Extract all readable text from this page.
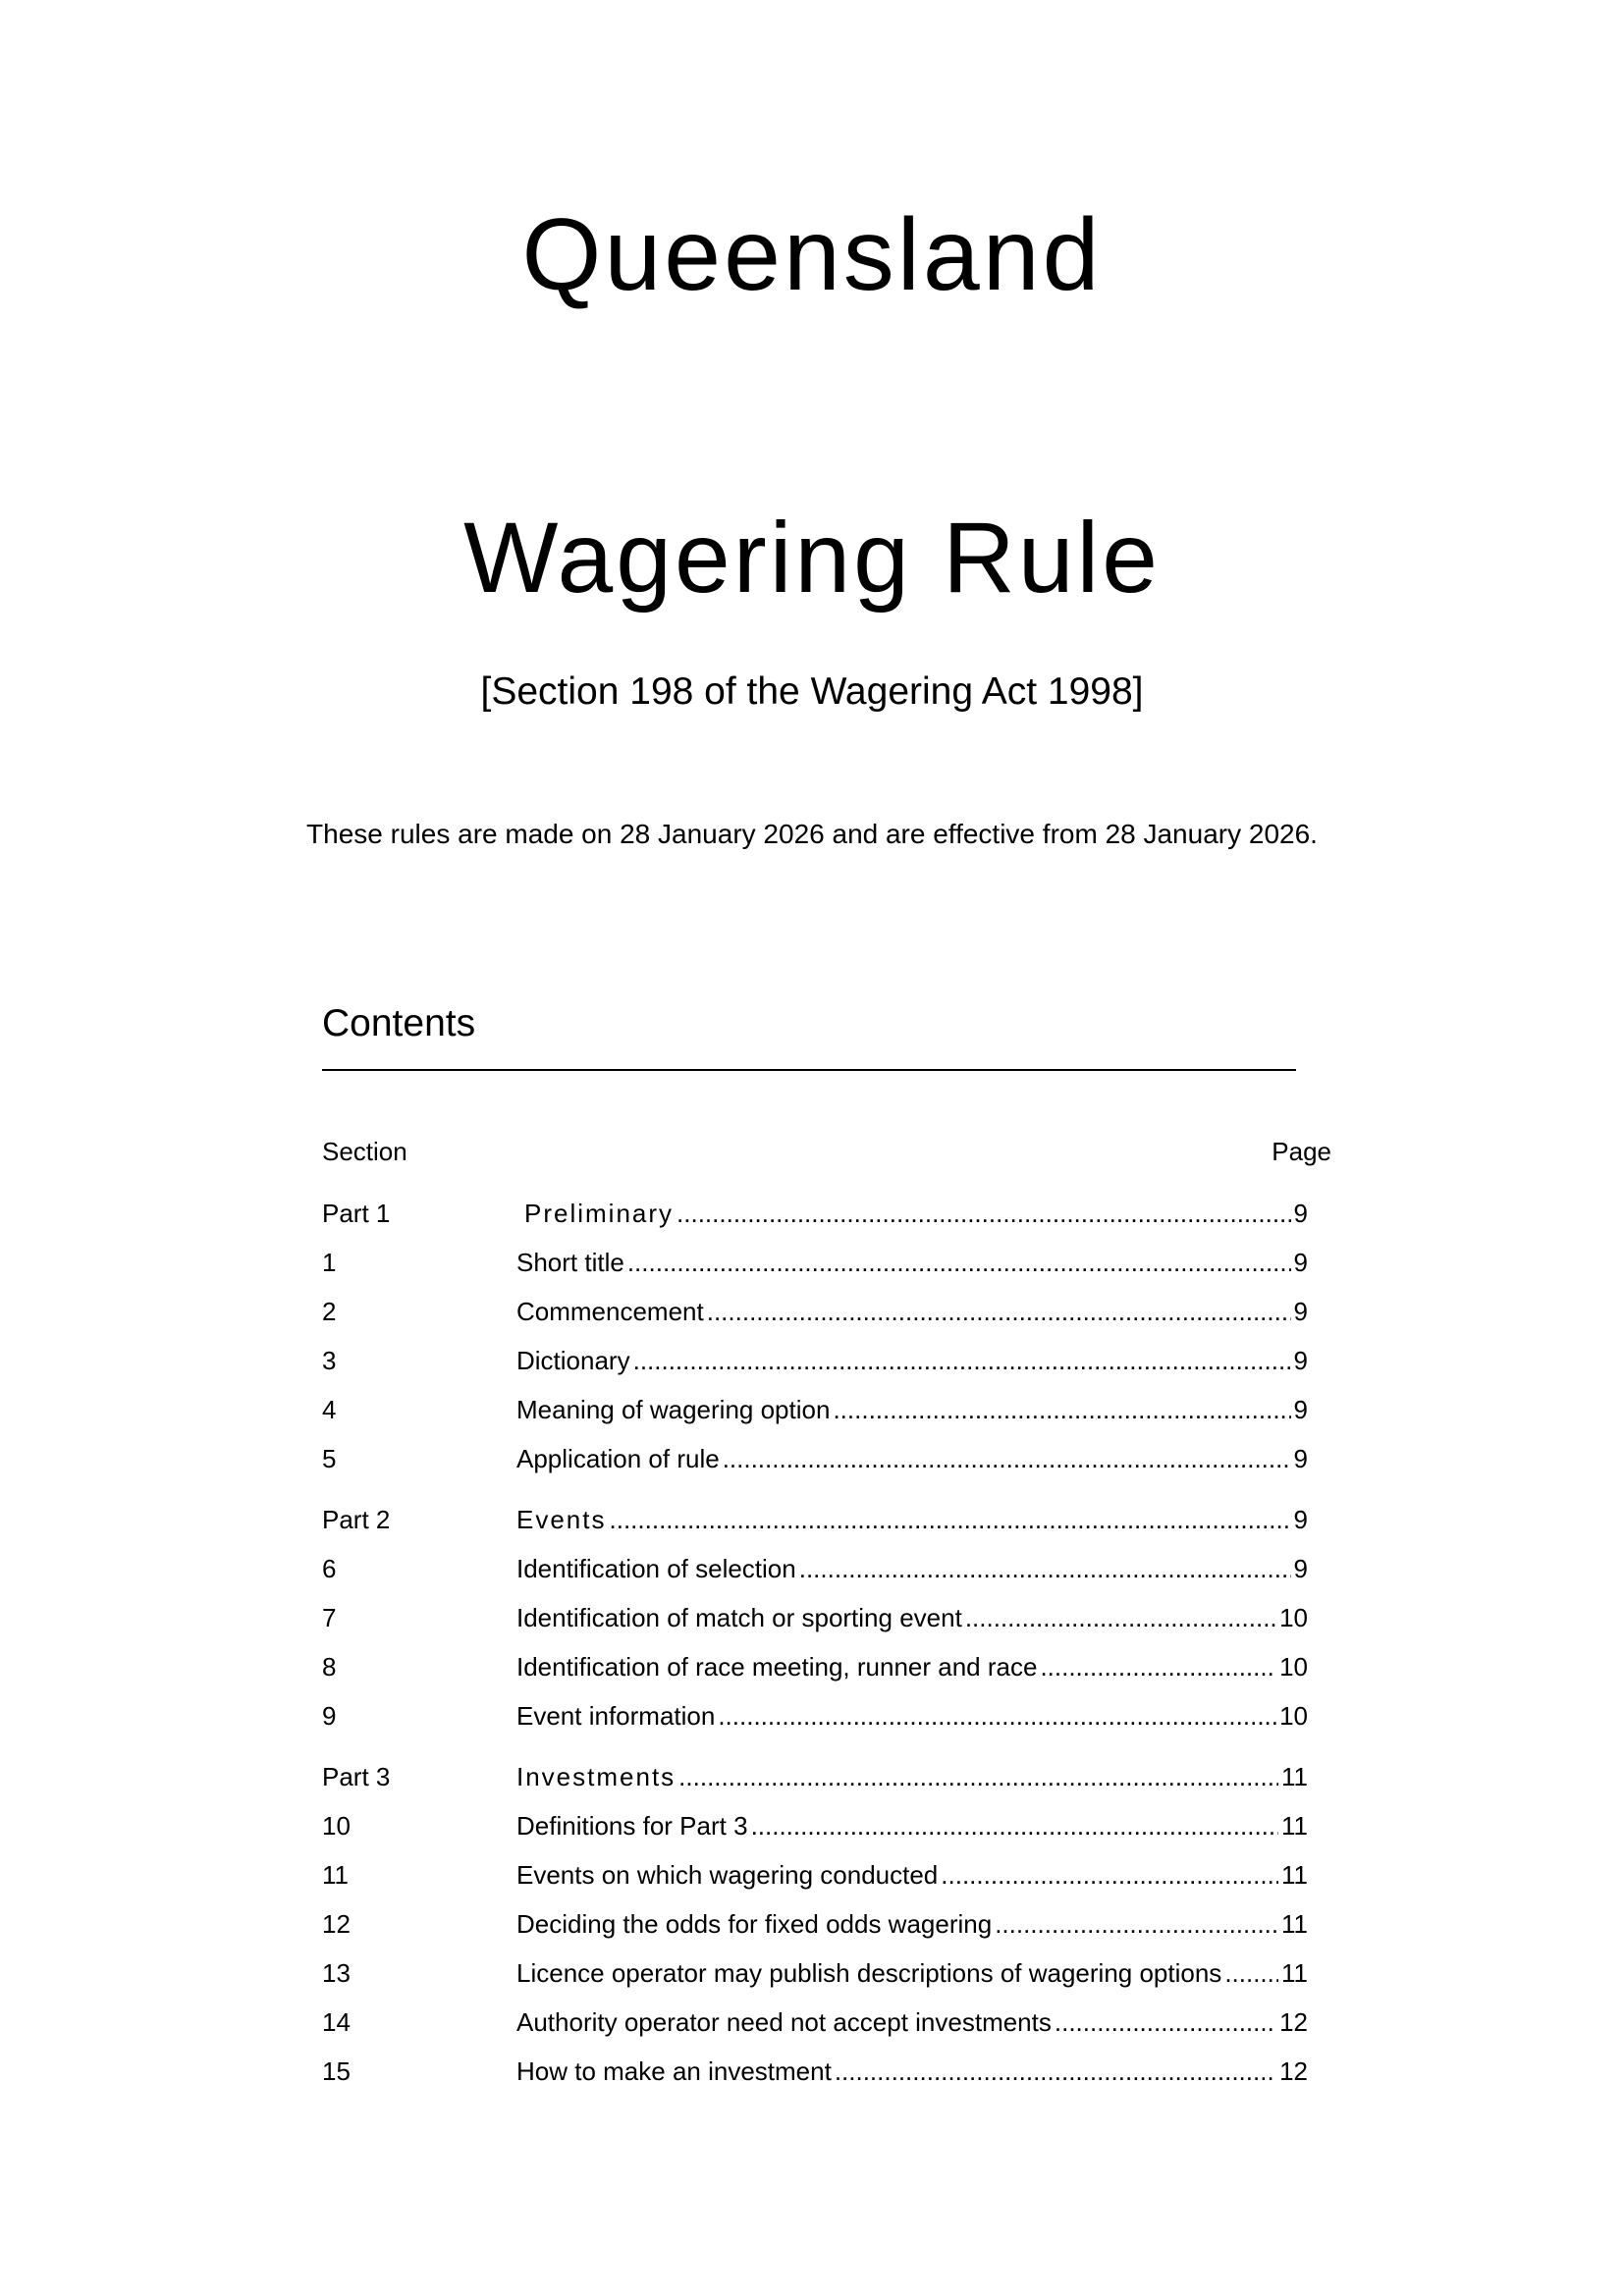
Queensland
Wagering Rule
[Section 198 of the Wagering Act 1998]
These rules are made on 28 January 2026 and are effective from 28 January 2026.
Contents
Section	Page
Part 1	Preliminary .....	9
1	Short title .....	9
2	Commencement .....	9
3	Dictionary .....	9
4	Meaning of wagering option .....	9
5	Application of rule .....	9
Part 2	Events .....	9
6	Identification of selection .....	9
7	Identification of match or sporting event .....	10
8	Identification of race meeting, runner and race .....	10
9	Event information .....	10
Part 3	Investments .....	11
10	Definitions for Part 3 .....	11
11	Events on which wagering conducted .....	11
12	Deciding the odds for fixed odds wagering .....	11
13	Licence operator may publish descriptions of wagering options ..... 11
14	Authority operator need not accept investments .....	12
15	How to make an investment .....	12
